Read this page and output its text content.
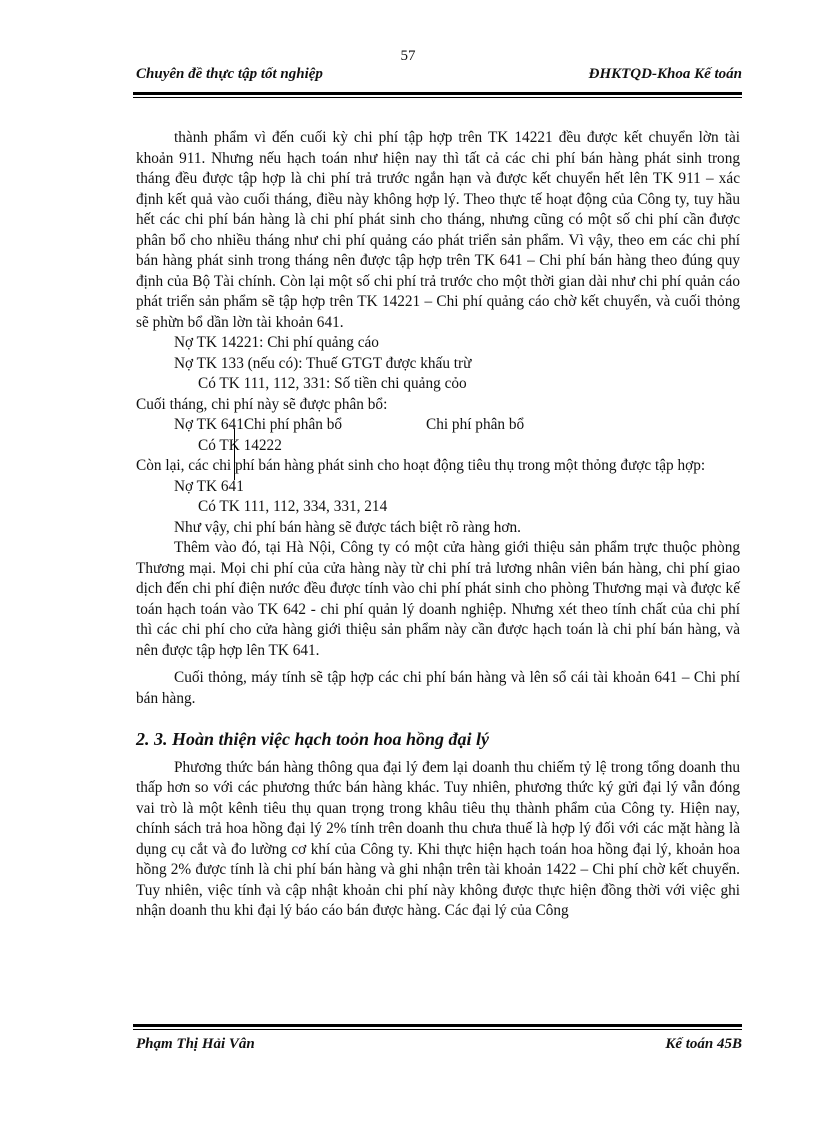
57
Chuyên đề thực tập tốt nghiệp	ĐHKTQD-Khoa Kế toán

thành phẩm vì đến cuối kỳ chi phí tập hợp trên TK 14221 đều được kết chuyển lờn tài khoản 911. Nhưng nếu hạch toán như hiện nay thì tất cả các chi phí bán hàng phát sinh trong tháng đều được tập hợp là chi phí trả trước ngắn hạn và được kết chuyển hết lên TK 911 – xác định kết quả vào cuối tháng, điều này không hợp lý. Theo thực tế hoạt động của Công ty, tuy hầu hết các chi phí bán hàng là chi phí phát sinh cho tháng, nhưng cũng có một số chi phí cần được phân bổ cho nhiều tháng như chi phí quảng cáo phát triển sản phẩm. Vì vậy, theo em các chi phí bán hàng phát sinh trong tháng nên được tập hợp trên TK 641 – Chi phí bán hàng theo đúng quy định của Bộ Tài chính. Còn lại một số chi phí trả trước cho một thời gian dài như chi phí quản cáo phát triển sản phẩm sẽ tập hợp trên TK 14221 – Chi phí quảng cáo chờ kết chuyển, và cuối thỏng sẽ phừn bổ dần lờn tài khoản 641.

Nợ TK 14221: Chi phí quảng cáo

Nợ TK 133 (nếu có): Thuế GTGT được khấu trừ

Có TK 111, 112, 331: Số tiền chi quảng cỏo

Cuối tháng, chi phí này sẽ được phân bổ:

Nợ TK 641Chi phí phân bổ	Chi phí phân bổ

Có TK 14222

Còn lại, các chi phí bán hàng phát sinh cho hoạt động tiêu thụ trong một thỏng được tập hợp:

Nợ TK 641

Có TK 111, 112, 334, 331, 214

Như vậy, chi phí bán hàng sẽ được tách biệt rõ ràng hơn.

Thêm vào đó, tại Hà Nội, Công ty có một cửa hàng giới thiệu sản phẩm trực thuộc phòng Thương mại. Mọi chi phí của cửa hàng này từ chi phí trả lương nhân viên bán hàng, chi phí giao dịch đến chi phí điện nước đều được tính vào chi phí phát sinh cho phòng Thương mại và được kế toán hạch toán vào TK 642 - chi phí quản lý doanh nghiệp. Nhưng xét theo tính chất của chi phí thì các chi phí cho cửa hàng giới thiệu sản phẩm này cần được hạch toán là chi phí bán hàng, và nên được tập hợp lên TK 641.

Cuối thỏng, máy tính sẽ tập hợp các chi phí bán hàng và lên sổ cái tài khoản 641 – Chi phí bán hàng.

2. 3. Hoàn thiện việc hạch toỏn hoa hồng đại lý

Phương thức bán hàng thông qua đại lý đem lại doanh thu chiếm tỷ lệ trong tổng doanh thu thấp hơn so với các phương thức bán hàng khác. Tuy nhiên, phương thức ký gửi đại lý vẫn đóng vai trò là một kênh tiêu thụ quan trọng trong khâu tiêu thụ thành phẩm của Công ty. Hiện nay, chính sách trả hoa hồng đại lý 2% tính trên doanh thu chưa thuế là hợp lý đối với các mặt hàng là dụng cụ cắt và đo lường cơ khí của Công ty. Khi thực hiện hạch toán hoa hồng đại lý, khoản hoa hồng 2% được tính là chi phí bán hàng và ghi nhận trên tài khoản 1422 – Chi phí chờ kết chuyển. Tuy nhiên, việc tính và cập nhật khoản chi phí này không được thực hiện đồng thời với việc ghi nhận doanh thu khi đại lý báo cáo bán được hàng. Các đại lý của Công

Phạm Thị Hải Vân	Kế toán 45B
